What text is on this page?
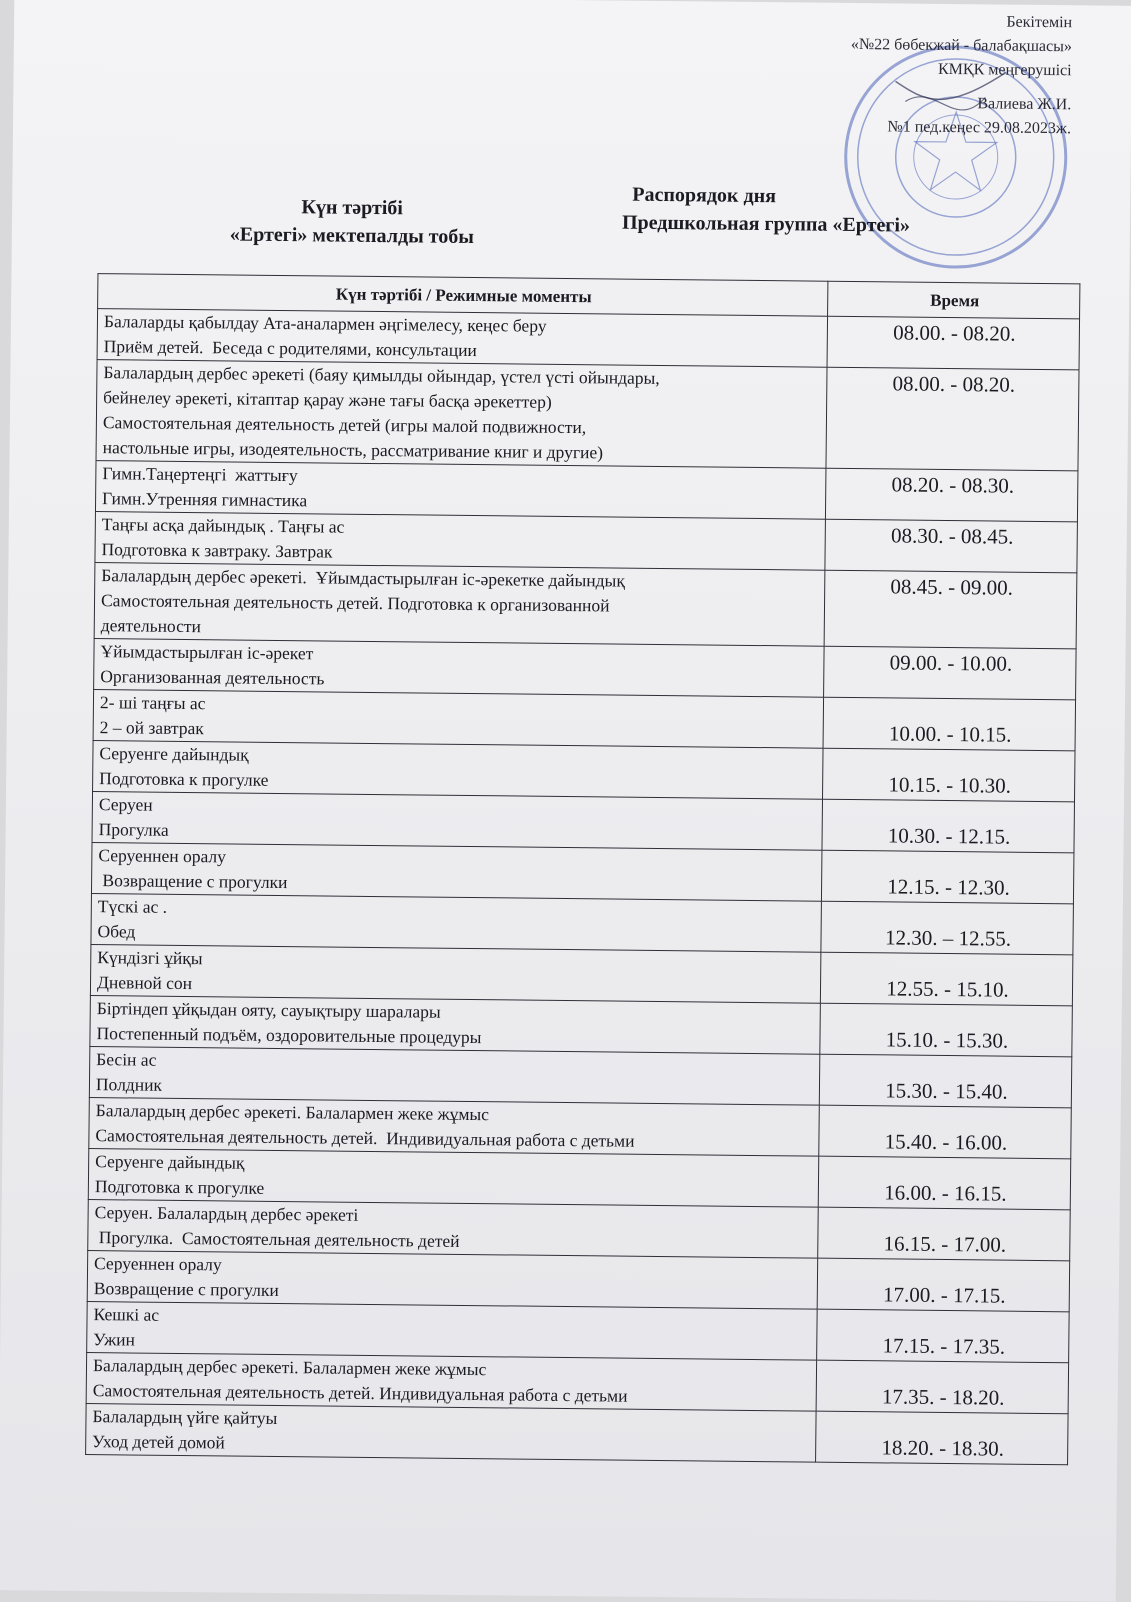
Бекітемін
«№22 бөбекжай - балабақшасы»
КМҚК меңгерушісі
Валиева Ж.И.
№1 пед.кеңес 29.08.2023ж.
Күн тәртібі
«Ертегі» мектепалды тобы
Распорядок дня
Предшкольная группа «Ертегі»
Күн тәртібі / Режимные моменты	Время

Балаларды қабылдау Ата-аналармен әңгімелесу, кеңес беру
Приём детей.  Беседа с родителями, консультации	08.00. - 08.20.

Балалардың дербес әрекеті (баяу қимылды ойындар, үстел үсті ойындары,
бейнелеу әрекеті, кітаптар қарау және тағы басқа әрекеттер)
Самостоятельная деятельность детей (игры малой подвижности,
настольные игры, изодеятельность, рассматривание книг и другие)	08.00. - 08.20.

Гимн.Таңертеңгі  жаттығу
Гимн.Утренняя гимнастика	08.20. - 08.30.

Таңғы асқа дайындық . Таңғы ас
Подготовка к завтраку. Завтрак	08.30. - 08.45.

Балалардың дербес әрекеті.  Ұйымдастырылған іс-әрекетке дайындық
Самостоятельная деятельность детей. Подготовка к организованной
деятельности	08.45. - 09.00.

Ұйымдастырылған іс-әрекет
Организованная деятельность	09.00. - 10.00.

2- ші таңғы ас
2 – ой завтрак	10.00. - 10.15.

Серуенге дайындық
Подготовка к прогулке	10.15. - 10.30.

Серуен
Прогулка	10.30. - 12.15.

Серуеннен оралу
Возвращение с прогулки	12.15. - 12.30.

Түскі ас .
Обед	12.30. – 12.55.

Күндізгі ұйқы
Дневной сон	12.55. - 15.10.

Біртіндеп ұйқыдан ояту, сауықтыру шаралары
Постепенный подъём, оздоровительные процедуры	15.10. - 15.30.

Бесін ас
Полдник	15.30. - 15.40.

Балалардың дербес әрекеті. Балалармен жеке жұмыс
Самостоятельная деятельность детей.  Индивидуальная работа с детьми	15.40. - 16.00.

Серуенге дайындық
Подготовка к прогулке	16.00. - 16.15.

Серуен. Балалардың дербес әрекеті
Прогулка.  Самостоятельная деятельность детей	16.15. - 17.00.

Серуеннен оралу
Возвращение с прогулки	17.00. - 17.15.

Кешкі ас
Ужин	17.15. - 17.35.

Балалардың дербес әрекеті. Балалармен жеке жұмыс
Самостоятельная деятельность детей. Индивидуальная работа с детьми	17.35. - 18.20.

Балалардың үйге қайтуы
Уход детей домой	18.20. - 18.30.
